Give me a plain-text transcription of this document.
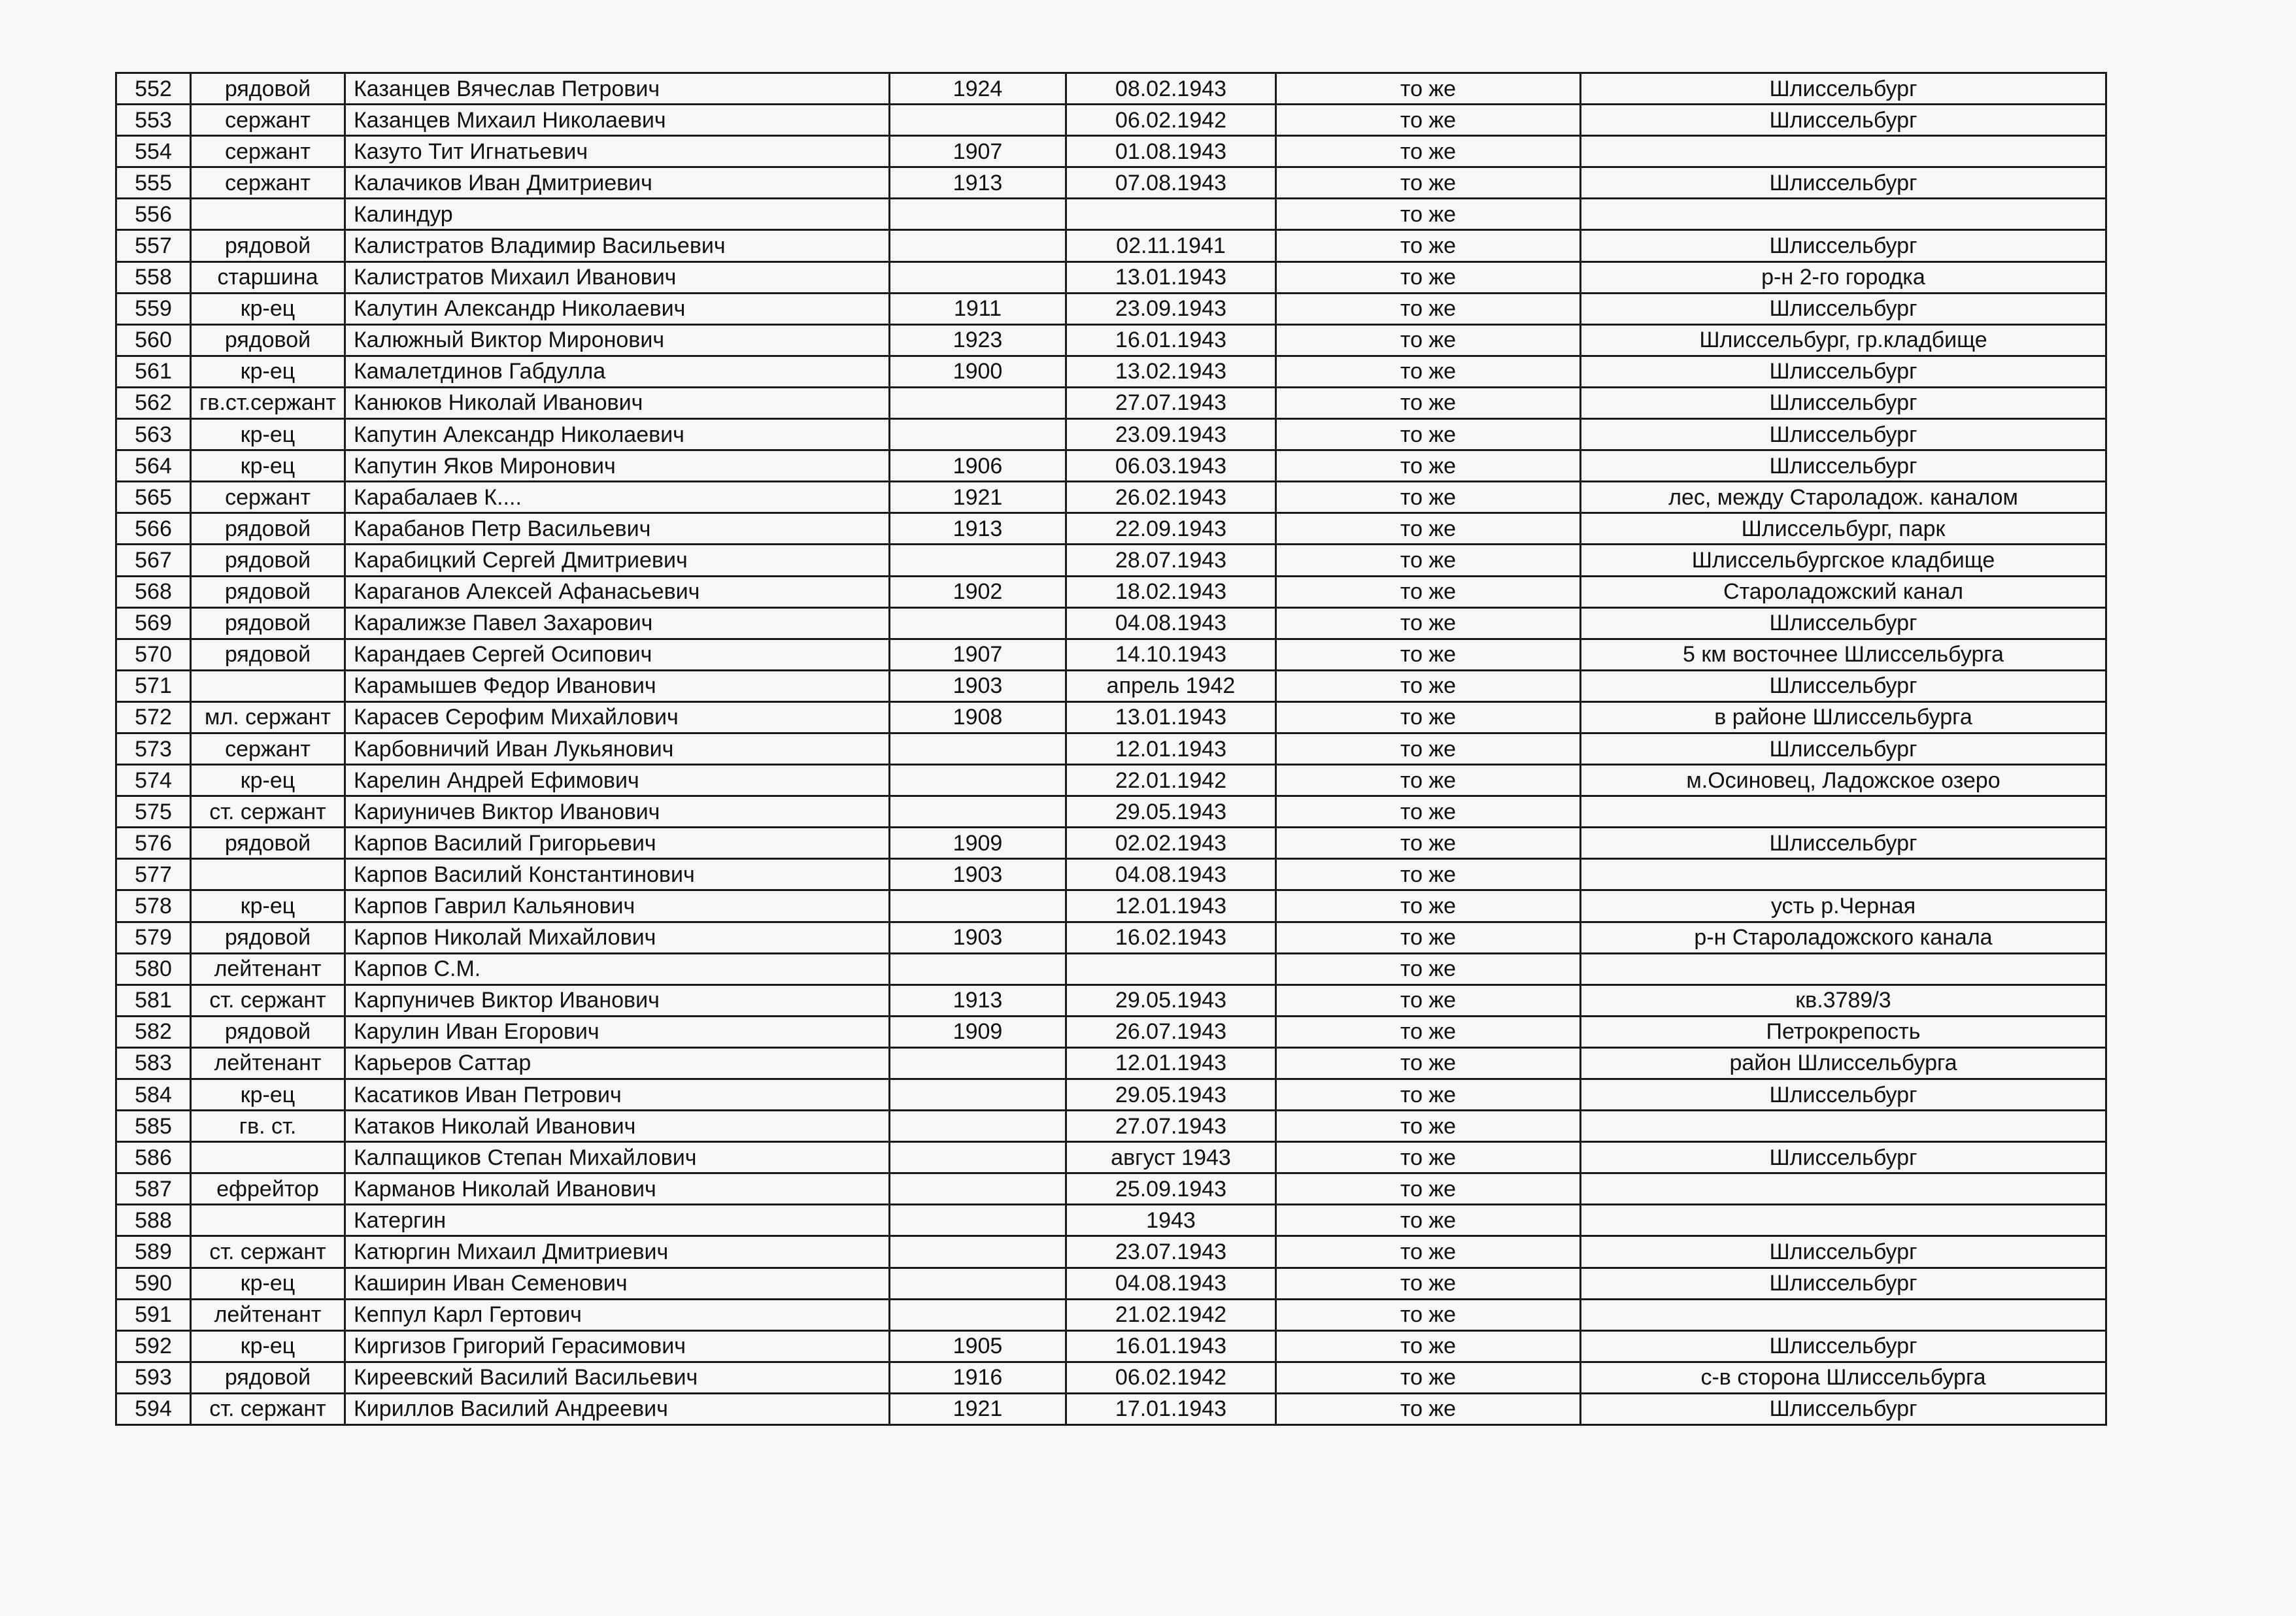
552	рядовой	Казанцев Вячеслав Петрович	1924	08.02.1943	то же	Шлиссельбург
553	сержант	Казанцев Михаил Николаевич		06.02.1942	то же	Шлиссельбург
554	сержант	Казуто Тит Игнатьевич	1907	01.08.1943	то же	
555	сержант	Калачиков Иван Дмитриевич	1913	07.08.1943	то же	Шлиссельбург
556		Калиндур			то же	
557	рядовой	Калистратов Владимир Васильевич		02.11.1941	то же	Шлиссельбург
558	старшина	Калистратов Михаил Иванович		13.01.1943	то же	р-н 2-го городка
559	кр-ец	Калутин Александр Николаевич	1911	23.09.1943	то же	Шлиссельбург
560	рядовой	Калюжный Виктор Миронович	1923	16.01.1943	то же	Шлиссельбург, гр.кладбище
561	кр-ец	Камалетдинов Габдулла	1900	13.02.1943	то же	Шлиссельбург
562	гв.ст.сержант	Канюков Николай Иванович		27.07.1943	то же	Шлиссельбург
563	кр-ец	Капутин Александр Николаевич		23.09.1943	то же	Шлиссельбург
564	кр-ец	Капутин Яков Миронович	1906	06.03.1943	то же	Шлиссельбург
565	сержант	Карабалаев К....	1921	26.02.1943	то же	лес, между Староладож. каналом
566	рядовой	Карабанов Петр Васильевич	1913	22.09.1943	то же	Шлиссельбург, парк
567	рядовой	Карабицкий Сергей Дмитриевич		28.07.1943	то же	Шлиссельбургское кладбище
568	рядовой	Караганов Алексей Афанасьевич	1902	18.02.1943	то же	Староладожский канал
569	рядовой	Каралижзе Павел Захарович		04.08.1943	то же	Шлиссельбург
570	рядовой	Карандаев Сергей Осипович	1907	14.10.1943	то же	5 км восточнее Шлиссельбурга
571		Карамышев Федор Иванович	1903	апрель 1942	то же	Шлиссельбург
572	мл. сержант	Карасев Серофим Михайлович	1908	13.01.1943	то же	в районе Шлиссельбурга
573	сержант	Карбовничий Иван Лукьянович		12.01.1943	то же	Шлиссельбург
574	кр-ец	Карелин Андрей Ефимович		22.01.1942	то же	м.Осиновец, Ладожское озеро
575	ст. сержант	Кариуничев Виктор Иванович		29.05.1943	то же	
576	рядовой	Карпов Василий Григорьевич	1909	02.02.1943	то же	Шлиссельбург
577		Карпов Василий Константинович	1903	04.08.1943	то же	
578	кр-ец	Карпов Гаврил Кальянович		12.01.1943	то же	усть р.Черная
579	рядовой	Карпов Николай Михайлович	1903	16.02.1943	то же	р-н Староладожского канала
580	лейтенант	Карпов С.М.			то же	
581	ст. сержант	Карпуничев Виктор Иванович	1913	29.05.1943	то же	кв.3789/3
582	рядовой	Карулин Иван Егорович	1909	26.07.1943	то же	Петрокрепость
583	лейтенант	Карьеров Саттар		12.01.1943	то же	район Шлиссельбурга
584	кр-ец	Касатиков Иван Петрович		29.05.1943	то же	Шлиссельбург
585	гв. ст.	Катаков Николай Иванович		27.07.1943	то же	
586		Калпащиков Степан Михайлович		август 1943	то же	Шлиссельбург
587	ефрейтор	Карманов Николай Иванович		25.09.1943	то же	
588		Катергин		1943	то же	
589	ст. сержант	Катюргин Михаил Дмитриевич		23.07.1943	то же	Шлиссельбург
590	кр-ец	Каширин Иван Семенович		04.08.1943	то же	Шлиссельбург
591	лейтенант	Кеппул Карл Гертович		21.02.1942	то же	
592	кр-ец	Киргизов Григорий Герасимович	1905	16.01.1943	то же	Шлиссельбург
593	рядовой	Киреевский Василий Васильевич	1916	06.02.1942	то же	с-в сторона Шлиссельбурга
594	ст. сержант	Кириллов Василий Андреевич	1921	17.01.1943	то же	Шлиссельбург
